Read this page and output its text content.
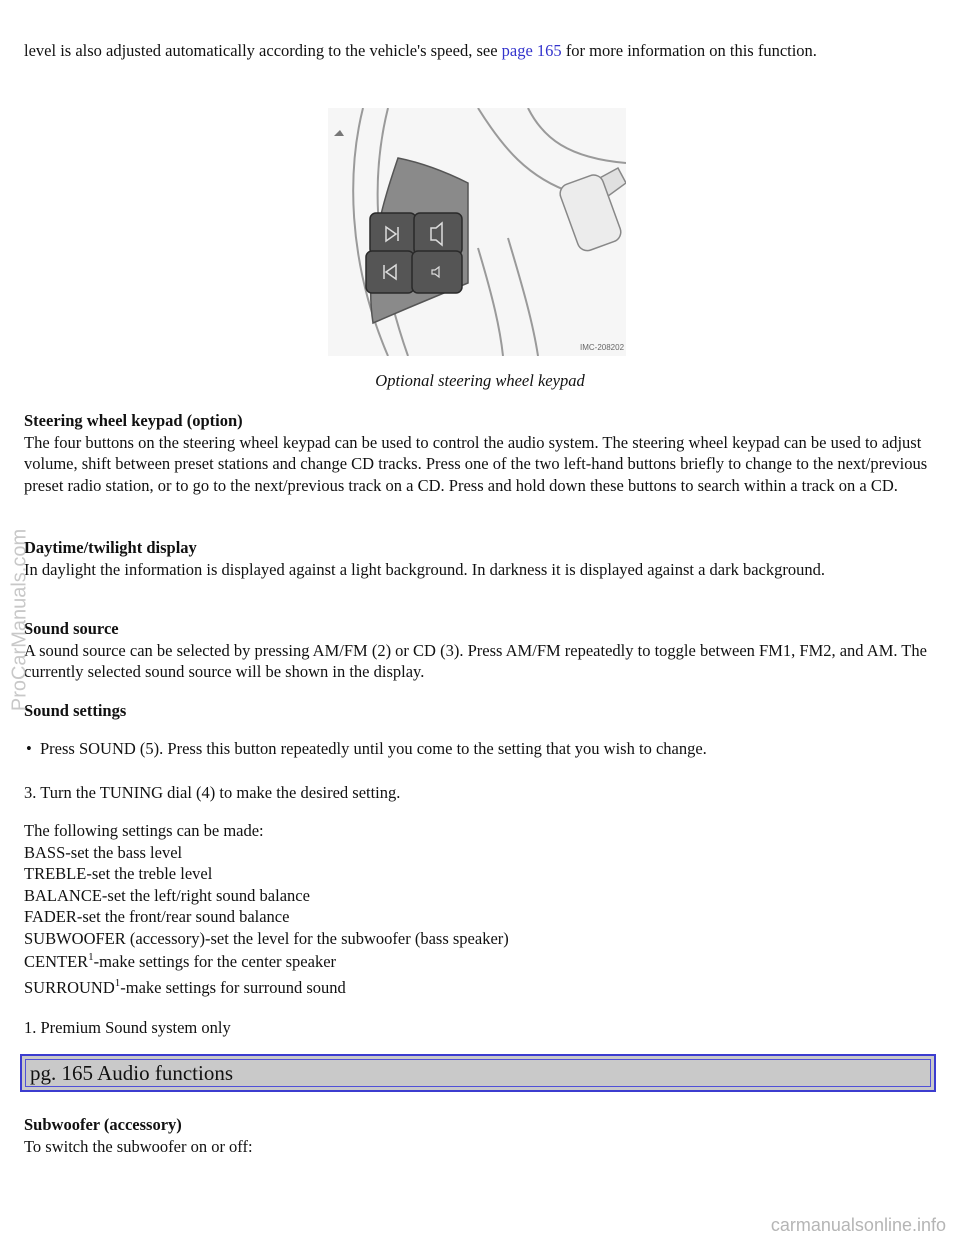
level is also adjusted automatically according to the vehicle's speed, see page 165 for more information on this function.

IMC-208202

Optional steering wheel keypad

Steering wheel keypad (option)

The four buttons on the steering wheel keypad can be used to control the audio system. The steering wheel keypad can be used to adjust volume, shift between preset stations and change CD tracks. Press one of the two left-hand buttons briefly to change to the next/previous preset radio station, or to go to the next/previous track on a CD. Press and hold down these buttons to search within a track on a CD.

Daytime/twilight display

In daylight the information is displayed against a light background. In darkness it is displayed against a dark background.

Sound source

A sound source can be selected by pressing AM/FM (2) or CD (3). Press AM/FM repeatedly to toggle between FM1, FM2, and AM. The currently selected sound source will be shown in the display.

Sound settings

• Press SOUND (5). Press this button repeatedly until you come to the setting that you wish to change.

3. Turn the TUNING dial (4) to make the desired setting.

The following settings can be made:

BASS-set the bass level

TREBLE-set the treble level

BALANCE-set the left/right sound balance

FADER-set the front/rear sound balance

SUBWOOFER (accessory)-set the level for the subwoofer (bass speaker)

CENTER$^1$-make settings for the center speaker

SURROUND$^1$-make settings for surround sound

1. Premium Sound system only

pg. 165 Audio functions

Subwoofer (accessory)

To switch the subwoofer on or off:

ProCarManuals.com
carmanualsonline.info
